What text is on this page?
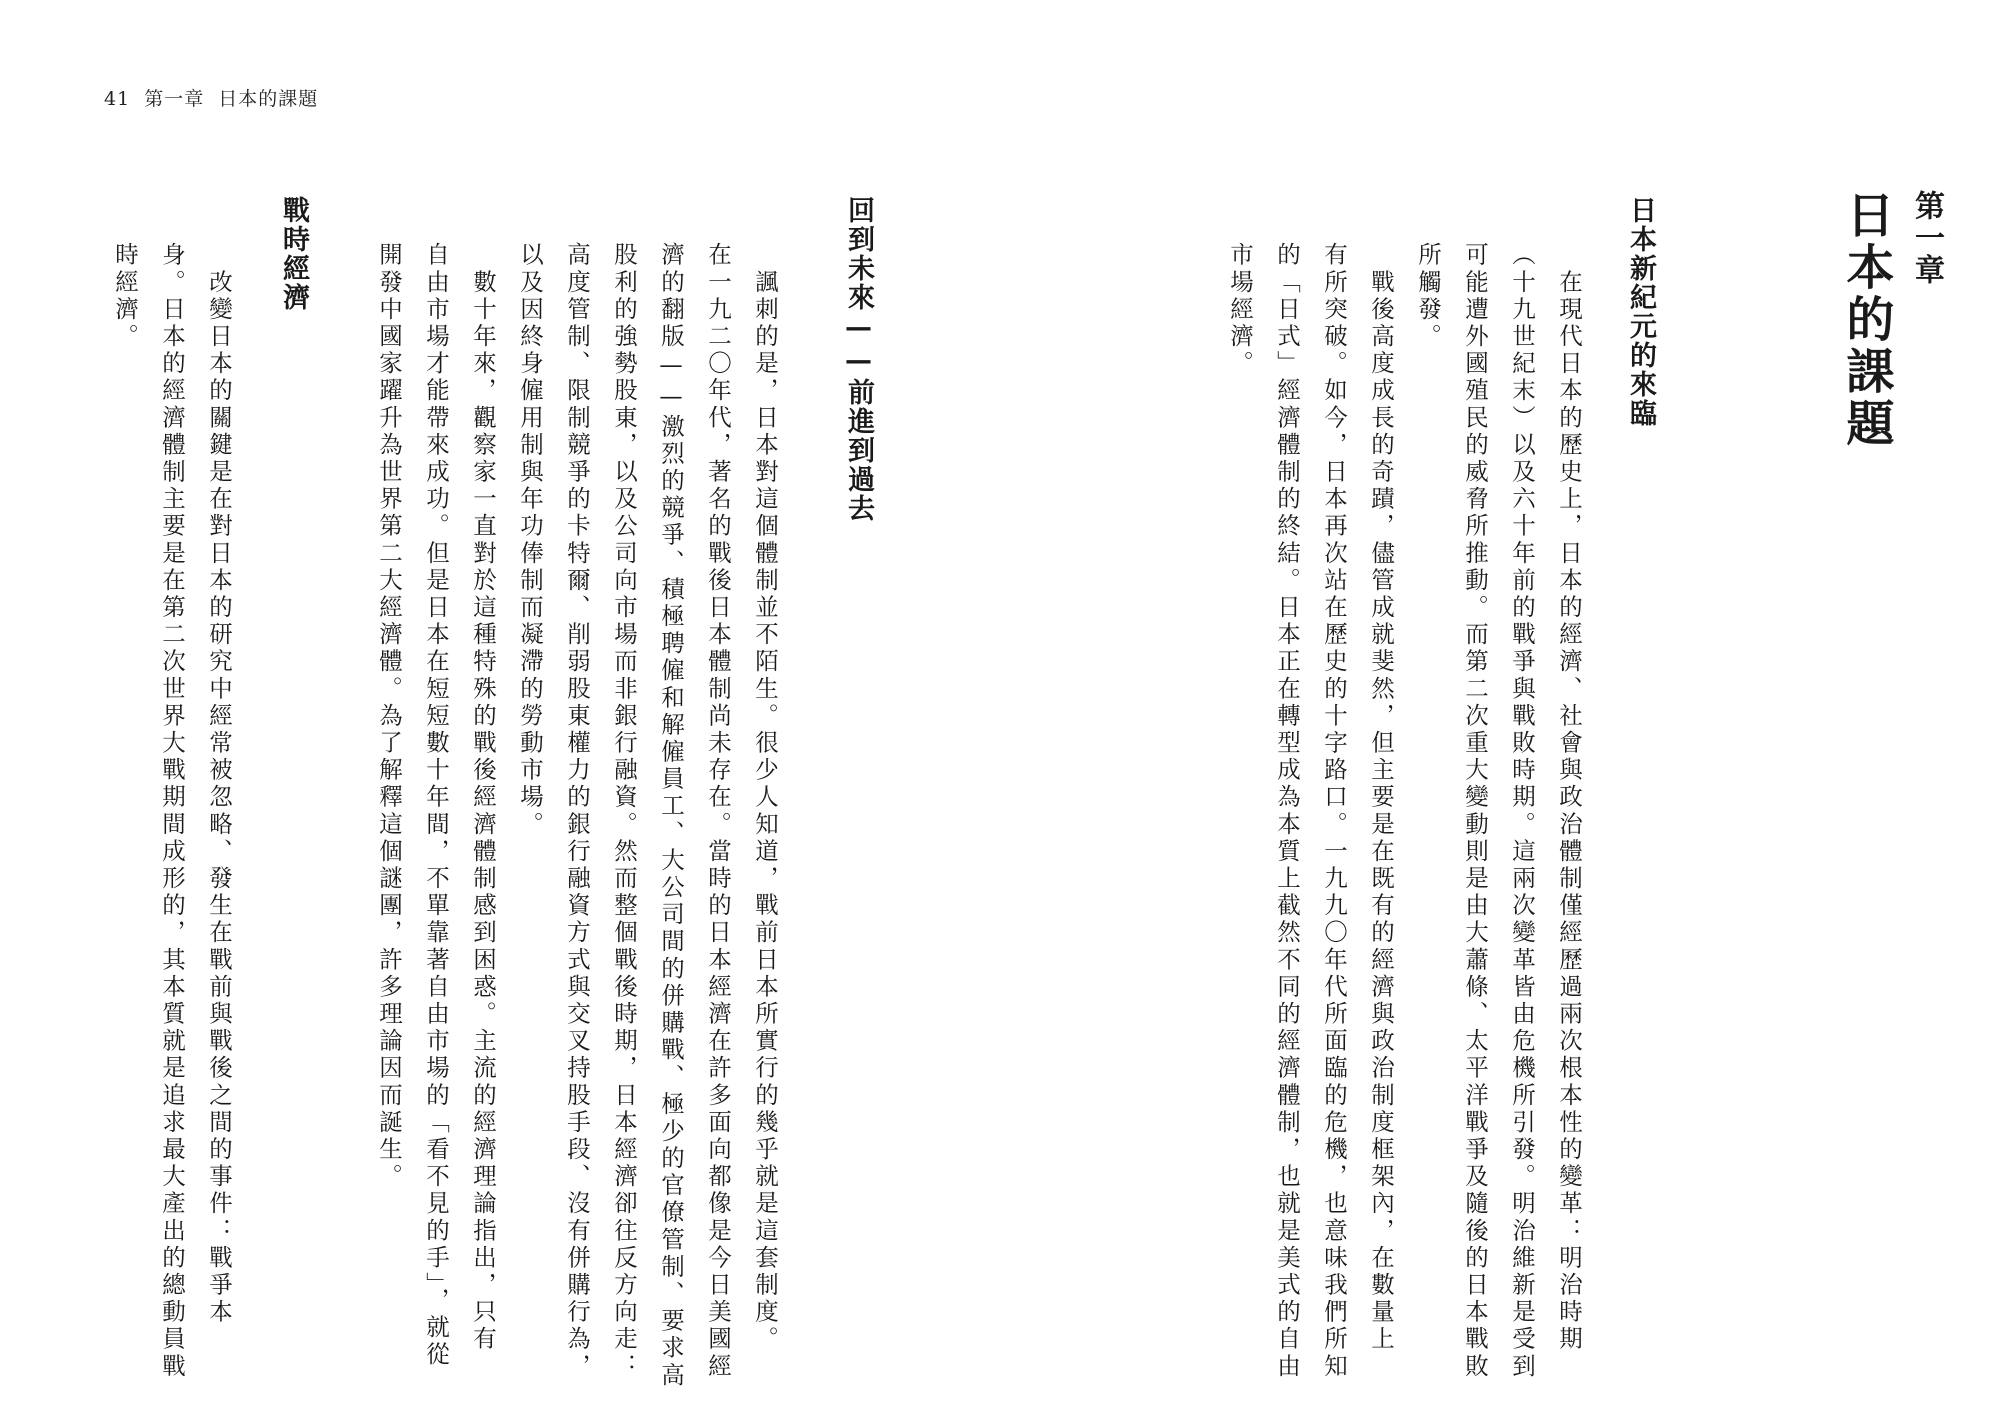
41 第一章 日本的課題
第一章
日本的課題
日本新紀元的來臨
　在現代日本的歷史上，日本的經濟、社會與政治體制僅經歷過兩次根本性的變革：明治時期
（十九世紀末）以及六十年前的戰爭與戰敗時期。這兩次變革皆由危機所引發。明治維新是受到
可能遭外國殖民的威脅所推動。而第二次重大變動則是由大蕭條、太平洋戰爭及隨後的日本戰敗
所觸發。
　戰後高度成長的奇蹟，儘管成就斐然，但主要是在既有的經濟與政治制度框架內，在數量上
有所突破。如今，日本再次站在歷史的十字路口。一九九〇年代所面臨的危機，也意味我們所知
的「日式」經濟體制的終結。日本正在轉型成為本質上截然不同的經濟體制，也就是美式的自由
市場經濟。
回到未來——前進到過去
　諷刺的是，日本對這個體制並不陌生。很少人知道，戰前日本所實行的幾乎就是這套制度。
在一九二〇年代，著名的戰後日本體制尚未存在。當時的日本經濟在許多面向都像是今日美國經
濟的翻版——激烈的競爭、積極聘僱和解僱員工、大公司間的併購戰、極少的官僚管制、要求高
股利的強勢股東，以及公司向市場而非銀行融資。然而整個戰後時期，日本經濟卻往反方向走：
高度管制、限制競爭的卡特爾、削弱股東權力的銀行融資方式與交叉持股手段、沒有併購行為，
以及因終身僱用制與年功俸制而凝滯的勞動市場。
　數十年來，觀察家一直對於這種特殊的戰後經濟體制感到困惑。主流的經濟理論指出，只有
自由市場才能帶來成功。但是日本在短短數十年間，不單靠著自由市場的「看不見的手」，就從
開發中國家躍升為世界第二大經濟體。為了解釋這個謎團，許多理論因而誕生。
戰時經濟
　改變日本的關鍵是在對日本的研究中經常被忽略、發生在戰前與戰後之間的事件：戰爭本
身。日本的經濟體制主要是在第二次世界大戰期間成形的，其本質就是追求最大產出的總動員戰
時經濟。
